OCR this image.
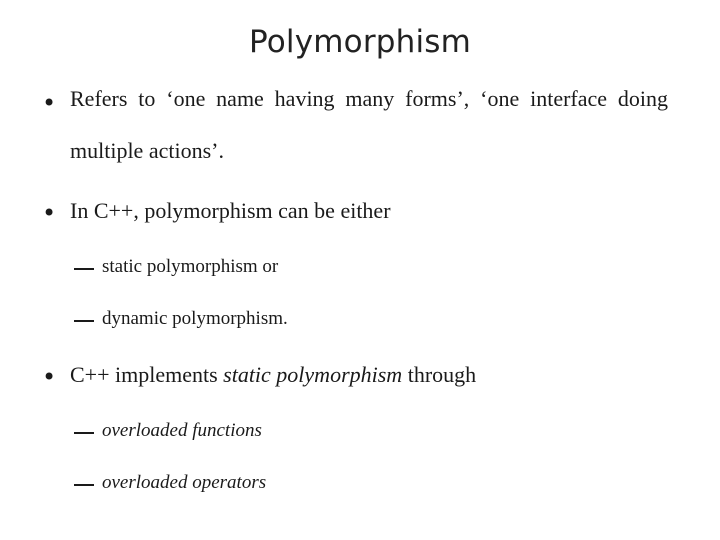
Polymorphism
• Refers to ‘one name having many forms’, ‘one interface doing
multiple actions’.
• In C++, polymorphism can be either
static polymorphism or
dynamic polymorphism.
• C++ implements static polymorphism through
overloaded functions
overloaded operators
